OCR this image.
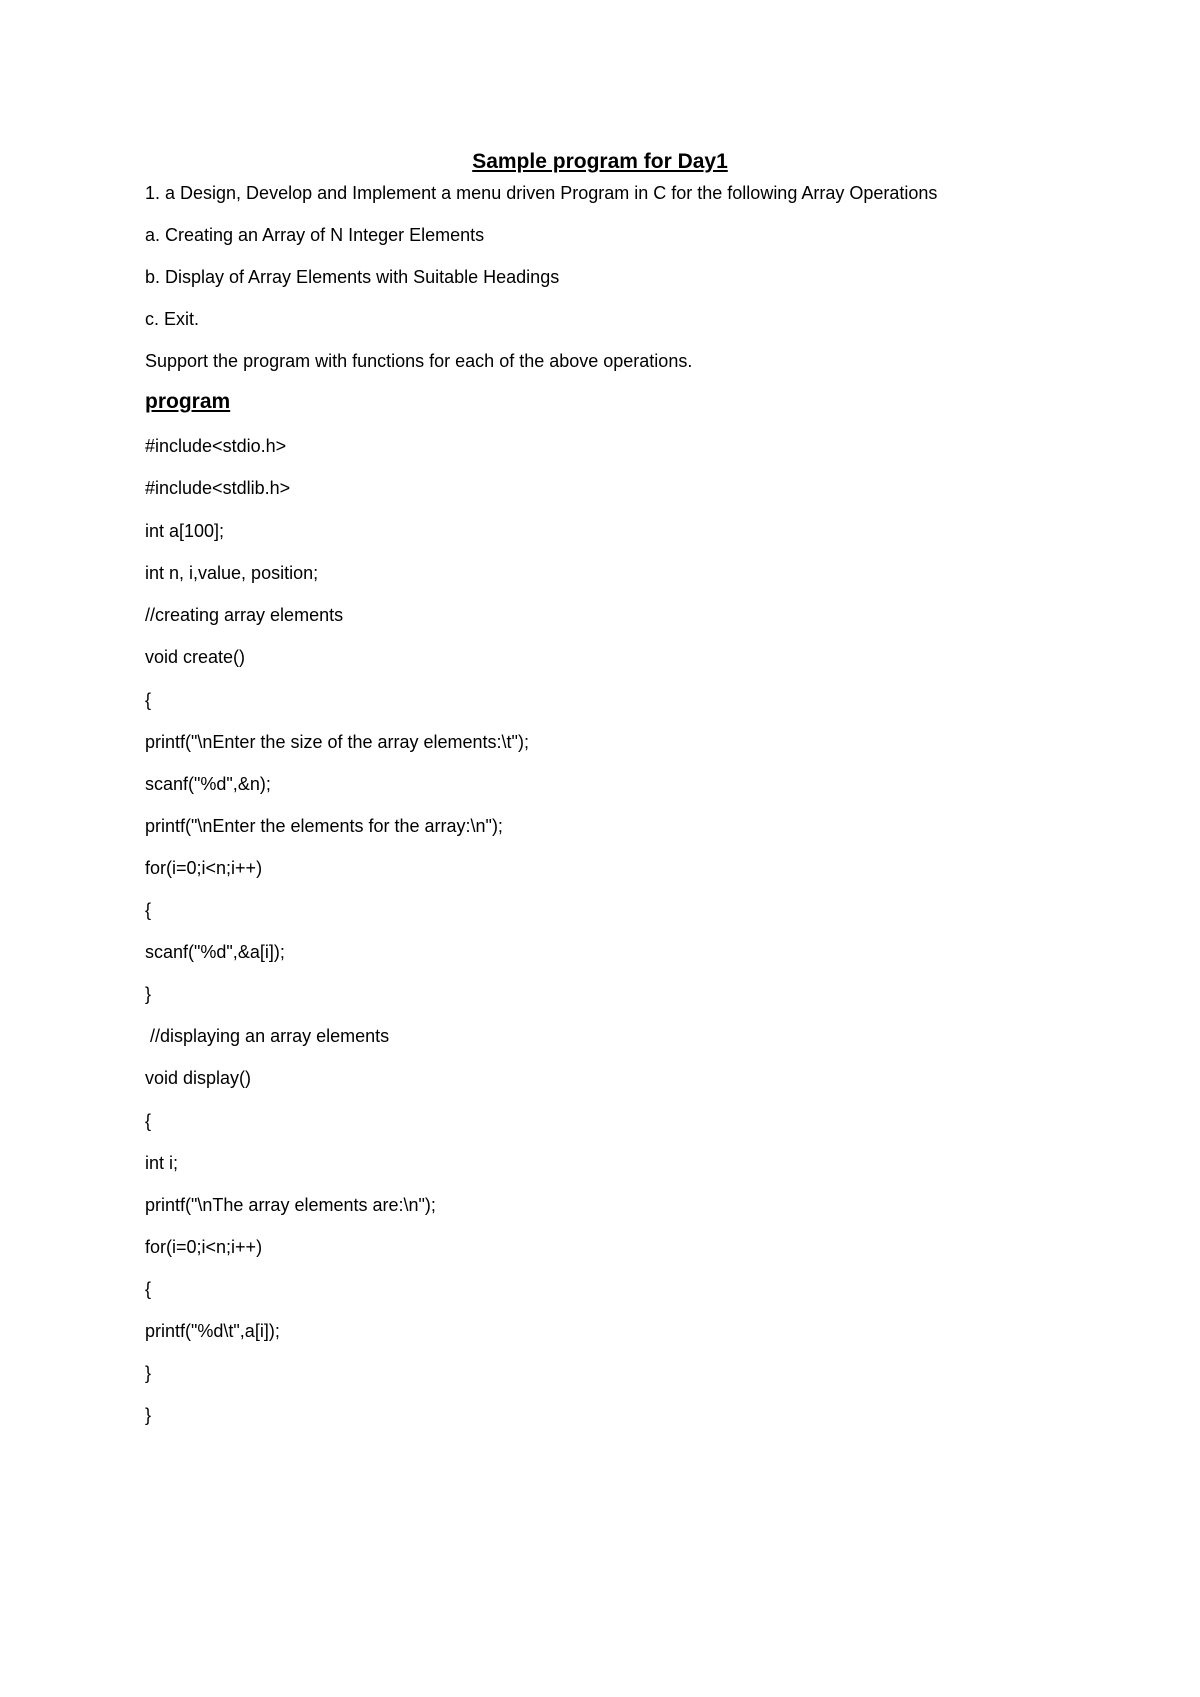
Sample program for Day1

1. a Design, Develop and Implement a menu driven Program in C for the following Array Operations

a. Creating an Array of N Integer Elements

b. Display of Array Elements with Suitable Headings

c. Exit.

Support the program with functions for each of the above operations.

program

#include<stdio.h>

#include<stdlib.h>

int a[100];

int n, i,value, position;

//creating array elements

void create()

{

printf("\nEnter the size of the array elements:\t");

scanf("%d",&n);

printf("\nEnter the elements for the array:\n");

for(i=0;i<n;i++)

{

scanf("%d",&a[i]);

}

//displaying an array elements

void display()

{

int i;

printf("\nThe array elements are:\n");

for(i=0;i<n;i++)

{

printf("%d\t",a[i]);

}

}
